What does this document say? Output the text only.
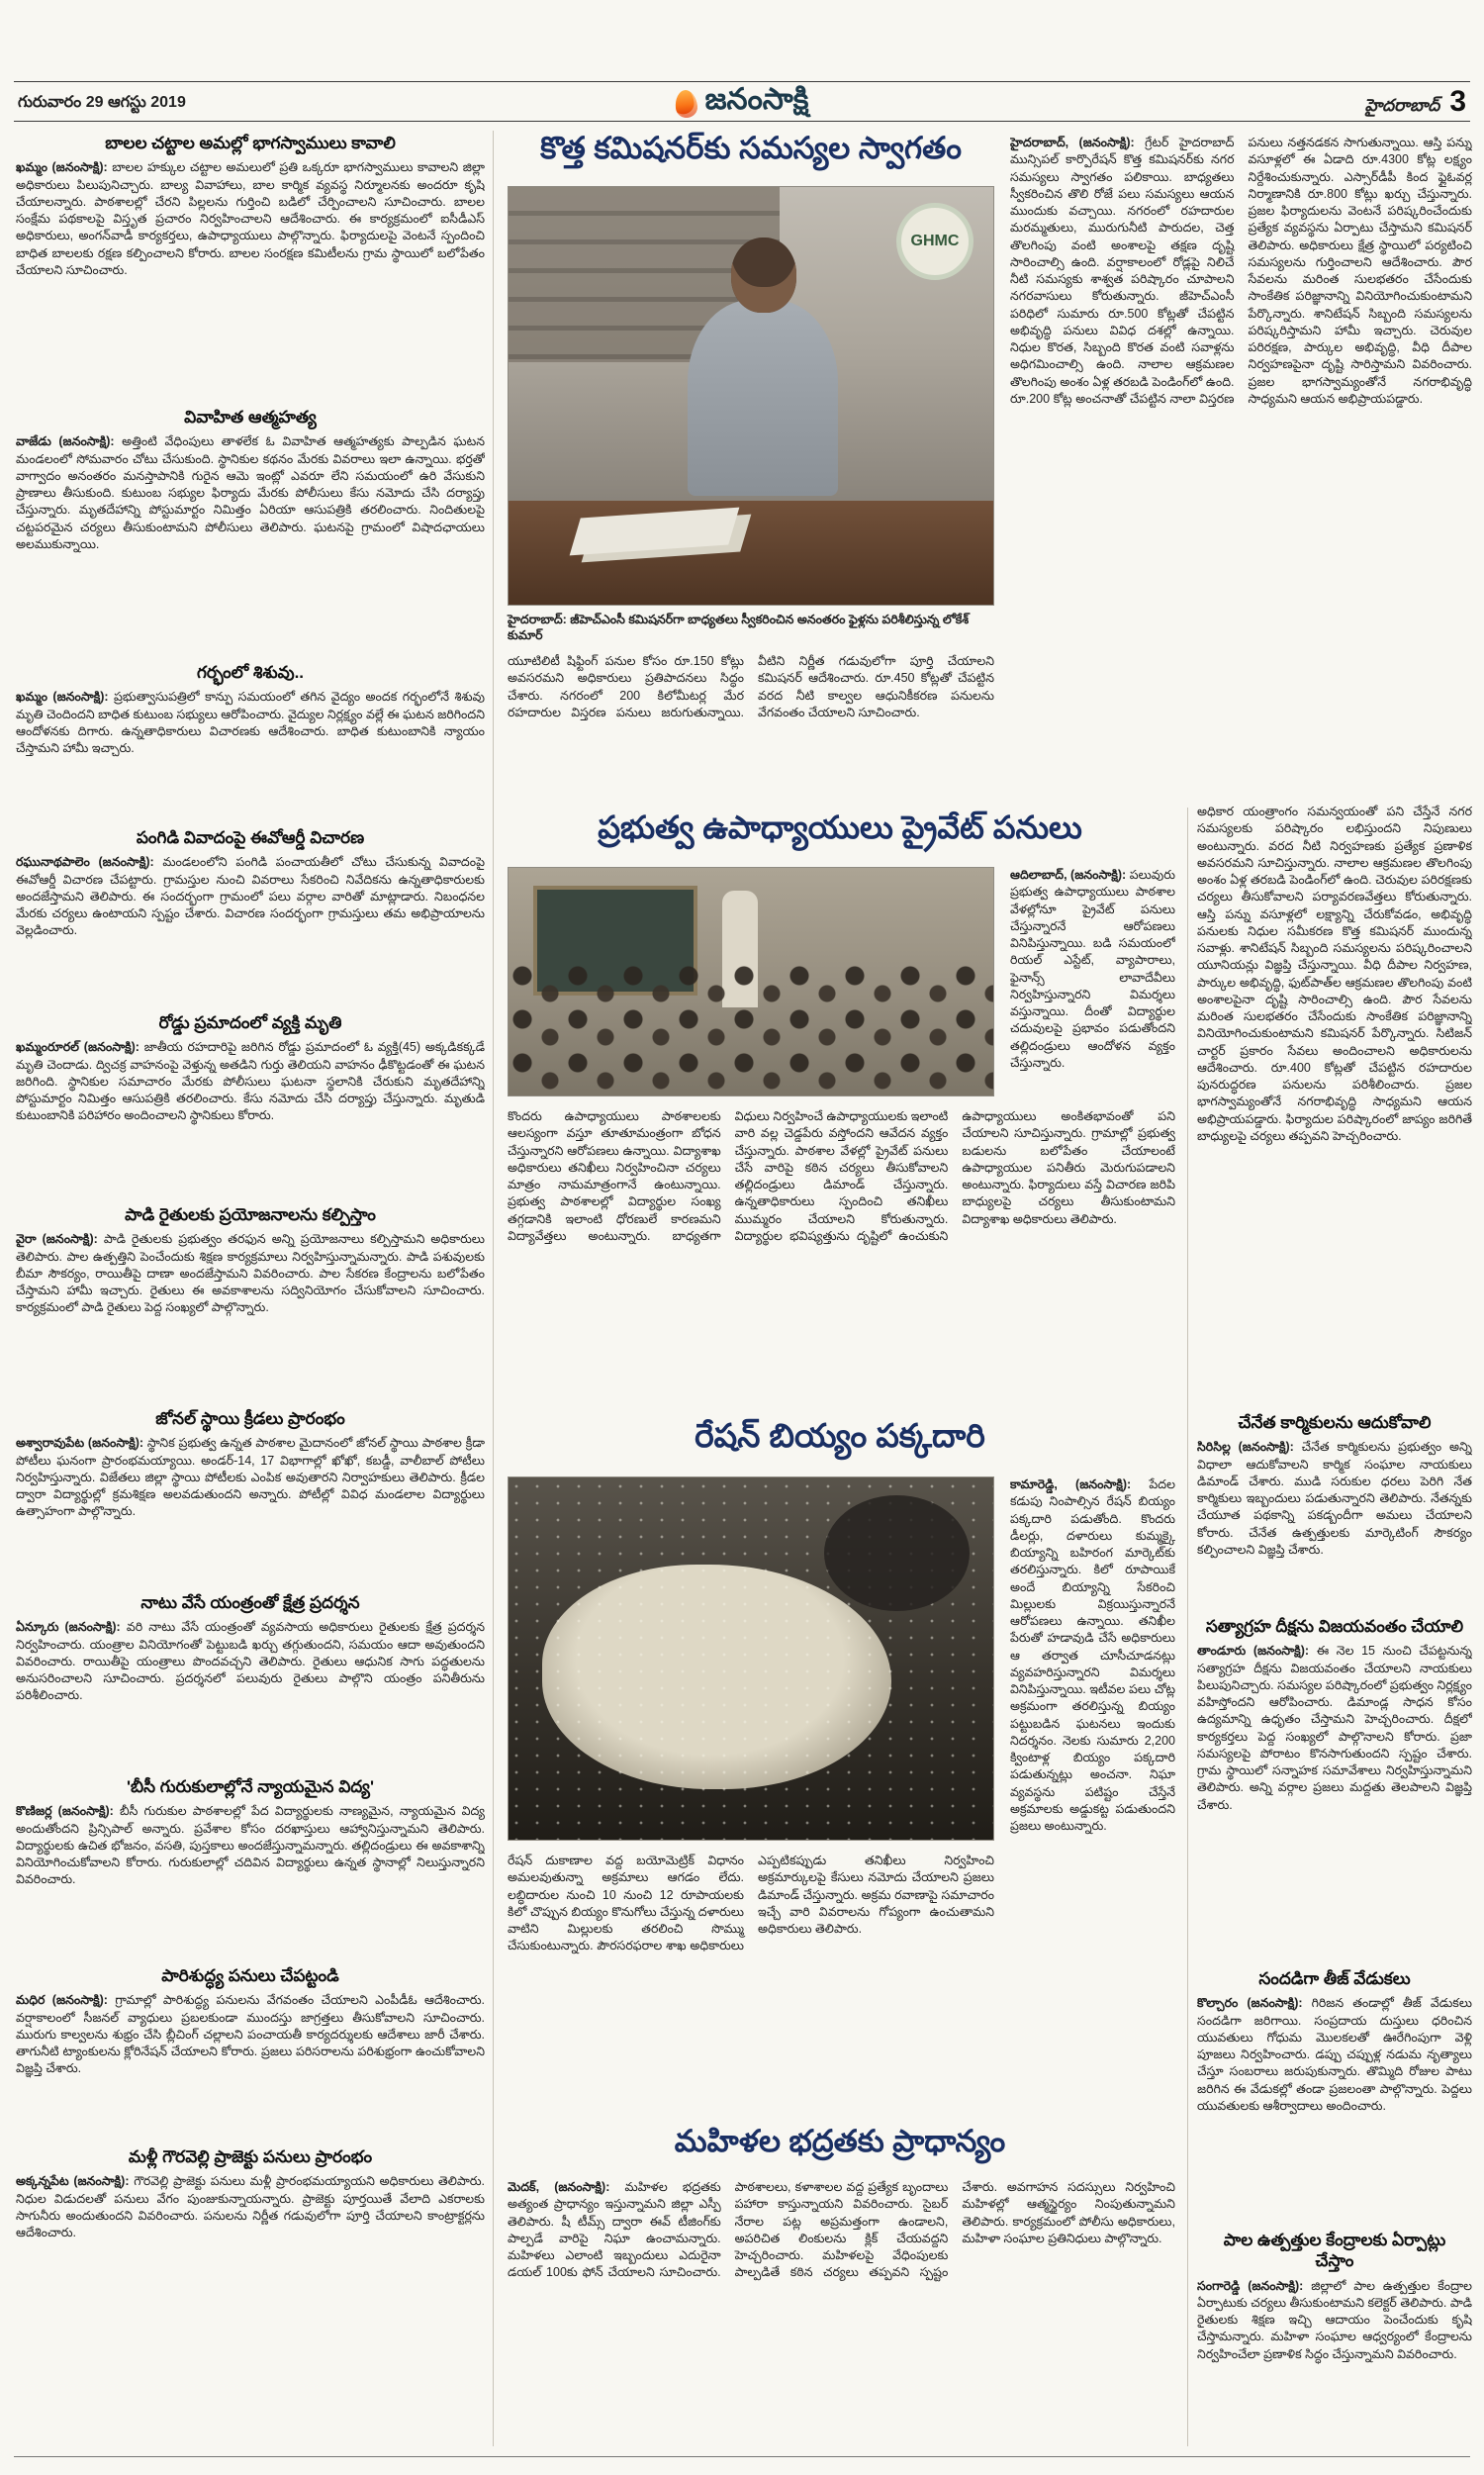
గురువారం 29 ఆగస్టు 2019	జనంసాక్షి	హైదరాబాద్ 3
బాలల చట్టాల అమల్లో భాగస్వాములు కావాలి

ఖమ్మం (జనంసాక్షి): బాలల హక్కుల చట్టాల అమలులో ప్రతి ఒక్కరూ భాగస్వాములు కావాలని జిల్లా అధికారులు పిలుపునిచ్చారు. బాల్య వివాహాలు, బాల కార్మిక వ్యవస్థ నిర్మూలనకు అందరూ కృషి చేయాలన్నారు. పాఠశాలల్లో చేరని పిల్లలను గుర్తించి బడిలో చేర్పించాలని సూచించారు. బాలల సంక్షేమ పథకాలపై విస్తృత ప్రచారం నిర్వహించాలని ఆదేశించారు. ఈ కార్యక్రమంలో ఐసీడీఎస్ అధికారులు, అంగన్‌వాడీ కార్యకర్తలు, ఉపాధ్యాయులు పాల్గొన్నారు. ఫిర్యాదులపై వెంటనే స్పందించి బాధిత బాలలకు రక్షణ కల్పించాలని కోరారు. బాలల సంరక్షణ కమిటీలను గ్రామ స్థాయిలో బలోపేతం చేయాలని సూచించారు.

వివాహిత ఆత్మహత్య

వాజేడు (జనంసాక్షి): అత్తింటి వేధింపులు తాళలేక ఓ వివాహిత ఆత్మహత్యకు పాల్పడిన ఘటన మండలంలో సోమవారం చోటు చేసుకుంది. స్థానికుల కథనం మేరకు వివరాలు ఇలా ఉన్నాయి. భర్తతో వాగ్వాదం అనంతరం మనస్తాపానికి గురైన ఆమె ఇంట్లో ఎవరూ లేని సమయంలో ఉరి వేసుకుని ప్రాణాలు తీసుకుంది. కుటుంబ సభ్యుల ఫిర్యాదు మేరకు పోలీసులు కేసు నమోదు చేసి దర్యాప్తు చేస్తున్నారు. మృతదేహాన్ని పోస్టుమార్టం నిమిత్తం ఏరియా ఆసుపత్రికి తరలించారు. నిందితులపై చట్టపరమైన చర్యలు తీసుకుంటామని పోలీసులు తెలిపారు. ఘటనపై గ్రామంలో విషాదఛాయలు అలముకున్నాయి.

గర్భంలో శిశువు..

ఖమ్మం (జనంసాక్షి): ప్రభుత్వాసుపత్రిలో కాన్పు సమయంలో తగిన వైద్యం అందక గర్భంలోనే శిశువు మృతి చెందిందని బాధిత కుటుంబ సభ్యులు ఆరోపించారు. వైద్యుల నిర్లక్ష్యం వల్లే ఈ ఘటన జరిగిందని ఆందోళనకు దిగారు. ఉన్నతాధికారులు విచారణకు ఆదేశించారు. బాధిత కుటుంబానికి న్యాయం చేస్తామని హామీ ఇచ్చారు.

పంగిడి వివాదంపై ఈవోఆర్డీ విచారణ

రఘునాథపాలెం (జనంసాక్షి): మండలంలోని పంగిడి పంచాయతీలో చోటు చేసుకున్న వివాదంపై ఈవోఆర్డీ విచారణ చేపట్టారు. గ్రామస్తుల నుంచి వివరాలు సేకరించి నివేదికను ఉన్నతాధికారులకు అందజేస్తామని తెలిపారు. ఈ సందర్భంగా గ్రామంలో పలు వర్గాల వారితో మాట్లాడారు. నిబంధనల మేరకు చర్యలు ఉంటాయని స్పష్టం చేశారు. విచారణ సందర్భంగా గ్రామస్తులు తమ అభిప్రాయాలను వెల్లడించారు.

రోడ్డు ప్రమాదంలో వ్యక్తి మృతి

ఖమ్మంరూరల్ (జనంసాక్షి): జాతీయ రహదారిపై జరిగిన రోడ్డు ప్రమాదంలో ఓ వ్యక్తి(45) అక్కడికక్కడే మృతి చెందాడు. ద్విచక్ర వాహనంపై వెళ్తున్న అతడిని గుర్తు తెలియని వాహనం ఢీకొట్టడంతో ఈ ఘటన జరిగింది. స్థానికుల సమాచారం మేరకు పోలీసులు ఘటనా స్థలానికి చేరుకుని మృతదేహాన్ని పోస్టుమార్టం నిమిత్తం ఆసుపత్రికి తరలించారు. కేసు నమోదు చేసి దర్యాప్తు చేస్తున్నారు. మృతుడి కుటుంబానికి పరిహారం అందించాలని స్థానికులు కోరారు.

పాడి రైతులకు ప్రయోజనాలను కల్పిస్తాం

వైరా (జనంసాక్షి): పాడి రైతులకు ప్రభుత్వం తరఫున అన్ని ప్రయోజనాలు కల్పిస్తామని అధికారులు తెలిపారు. పాల ఉత్పత్తిని పెంచేందుకు శిక్షణ కార్యక్రమాలు నిర్వహిస్తున్నామన్నారు. పాడి పశువులకు బీమా సౌకర్యం, రాయితీపై దాణా అందజేస్తామని వివరించారు. పాల సేకరణ కేంద్రాలను బలోపేతం చేస్తామని హామీ ఇచ్చారు. రైతులు ఈ అవకాశాలను సద్వినియోగం చేసుకోవాలని సూచించారు. కార్యక్రమంలో పాడి రైతులు పెద్ద సంఖ్యలో పాల్గొన్నారు.

జోనల్ స్థాయి క్రీడలు ప్రారంభం

అశ్వారావుపేట (జనంసాక్షి): స్థానిక ప్రభుత్వ ఉన్నత పాఠశాల మైదానంలో జోనల్ స్థాయి పాఠశాల క్రీడా పోటీలు ఘనంగా ప్రారంభమయ్యాయి. అండర్-14, 17 విభాగాల్లో ఖోఖో, కబడ్డీ, వాలీబాల్ పోటీలు నిర్వహిస్తున్నారు. విజేతలు జిల్లా స్థాయి పోటీలకు ఎంపిక అవుతారని నిర్వాహకులు తెలిపారు. క్రీడల ద్వారా విద్యార్థుల్లో క్రమశిక్షణ అలవడుతుందని అన్నారు. పోటీల్లో వివిధ మండలాల విద్యార్థులు ఉత్సాహంగా పాల్గొన్నారు.

నాటు వేసే యంత్రంతో క్షేత్ర ప్రదర్శన

ఏన్కూరు (జనంసాక్షి): వరి నాటు వేసే యంత్రంతో వ్యవసాయ అధికారులు రైతులకు క్షేత్ర ప్రదర్శన నిర్వహించారు. యంత్రాల వినియోగంతో పెట్టుబడి ఖర్చు తగ్గుతుందని, సమయం ఆదా అవుతుందని వివరించారు. రాయితీపై యంత్రాలు పొందవచ్చని తెలిపారు. రైతులు ఆధునిక సాగు పద్ధతులను అనుసరించాలని సూచించారు. ప్రదర్శనలో పలువురు రైతులు పాల్గొని యంత్రం పనితీరును పరిశీలించారు.

'బీసీ గురుకులాల్లోనే న్యాయమైన విద్య'

కొణిజర్ల (జనంసాక్షి): బీసీ గురుకుల పాఠశాలల్లో పేద విద్యార్థులకు నాణ్యమైన, న్యాయమైన విద్య అందుతోందని ప్రిన్సిపాల్ అన్నారు. ప్రవేశాల కోసం దరఖాస్తులు ఆహ్వానిస్తున్నామని తెలిపారు. విద్యార్థులకు ఉచిత భోజనం, వసతి, పుస్తకాలు అందజేస్తున్నామన్నారు. తల్లిదండ్రులు ఈ అవకాశాన్ని వినియోగించుకోవాలని కోరారు. గురుకులాల్లో చదివిన విద్యార్థులు ఉన్నత స్థానాల్లో నిలుస్తున్నారని వివరించారు.

పారిశుద్ధ్య పనులు చేపట్టండి

మధిర (జనంసాక్షి): గ్రామాల్లో పారిశుద్ధ్య పనులను వేగవంతం చేయాలని ఎంపీడీఓ ఆదేశించారు. వర్షాకాలంలో సీజనల్ వ్యాధులు ప్రబలకుండా ముందస్తు జాగ్రత్తలు తీసుకోవాలని సూచించారు. మురుగు కాల్వలను శుభ్రం చేసి బ్లీచింగ్ చల్లాలని పంచాయతీ కార్యదర్శులకు ఆదేశాలు జారీ చేశారు. తాగునీటి ట్యాంకులను క్లోరినేషన్ చేయాలని కోరారు. ప్రజలు పరిసరాలను పరిశుభ్రంగా ఉంచుకోవాలని విజ్ఞప్తి చేశారు.

మళ్లీ గౌరవెల్లి ప్రాజెక్టు పనులు ప్రారంభం

అక్కన్నపేట (జనంసాక్షి): గౌరవెల్లి ప్రాజెక్టు పనులు మళ్లీ ప్రారంభమయ్యాయని అధికారులు తెలిపారు. నిధుల విడుదలతో పనులు వేగం పుంజుకున్నాయన్నారు. ప్రాజెక్టు పూర్తయితే వేలాది ఎకరాలకు సాగునీరు అందుతుందని వివరించారు. పనులను నిర్ణీత గడువులోగా పూర్తి చేయాలని కాంట్రాక్టర్లను ఆదేశించారు.

కొత్త కమిషనర్‌కు సమస్యల స్వాగతం
GHMC

హైదరాబాద్: జీహెచ్ఎంసీ కమిషనర్‌గా బాధ్యతలు స్వీకరించిన అనంతరం ఫైళ్లను పరిశీలిస్తున్న లోకేశ్ కుమార్

యూటిలిటీ షిఫ్టింగ్ పనుల కోసం రూ.150 కోట్లు అవసరమని అధికారులు ప్రతిపాదనలు సిద్ధం చేశారు. నగరంలో 200 కిలోమీటర్ల మేర రహదారుల విస్తరణ పనులు జరుగుతున్నాయి. వీటిని నిర్ణీత గడువులోగా పూర్తి చేయాలని కమిషనర్ ఆదేశించారు. రూ.450 కోట్లతో చేపట్టిన వరద నీటి కాల్వల ఆధునికీకరణ పనులను వేగవంతం చేయాలని సూచించారు.

హైదరాబాద్, (జనంసాక్షి): గ్రేటర్ హైదరాబాద్ మున్సిపల్ కార్పొరేషన్ కొత్త కమిషనర్‌కు నగర సమస్యలు స్వాగతం పలికాయి. బాధ్యతలు స్వీకరించిన తొలి రోజే పలు సమస్యలు ఆయన ముందుకు వచ్చాయి. నగరంలో రహదారుల మరమ్మతులు, మురుగునీటి పారుదల, చెత్త తొలగింపు వంటి అంశాలపై తక్షణ దృష్టి సారించాల్సి ఉంది. వర్షాకాలంలో రోడ్లపై నిలిచే నీటి సమస్యకు శాశ్వత పరిష్కారం చూపాలని నగరవాసులు కోరుతున్నారు. జీహెచ్ఎంసీ పరిధిలో సుమారు రూ.500 కోట్లతో చేపట్టిన అభివృద్ధి పనులు వివిధ దశల్లో ఉన్నాయి. నిధుల కొరత, సిబ్బంది కొరత వంటి సవాళ్లను అధిగమించాల్సి ఉంది. నాలాల ఆక్రమణల తొలగింపు అంశం ఏళ్ల తరబడి పెండింగ్‌లో ఉంది. రూ.200 కోట్ల అంచనాతో చేపట్టిన నాలా విస్తరణ పనులు నత్తనడకన సాగుతున్నాయి. ఆస్తి పన్ను వసూళ్లలో ఈ ఏడాది రూ.4300 కోట్ల లక్ష్యం నిర్దేశించుకున్నారు. ఎస్సార్‌డీపీ కింద ఫ్లైఓవర్ల నిర్మాణానికి రూ.800 కోట్లు ఖర్చు చేస్తున్నారు. ప్రజల ఫిర్యాదులను వెంటనే పరిష్కరించేందుకు ప్రత్యేక వ్యవస్థను ఏర్పాటు చేస్తామని కమిషనర్ తెలిపారు. అధికారులు క్షేత్ర స్థాయిలో పర్యటించి సమస్యలను గుర్తించాలని ఆదేశించారు. పౌర సేవలను మరింత సులభతరం చేసేందుకు సాంకేతిక పరిజ్ఞానాన్ని వినియోగించుకుంటామని పేర్కొన్నారు. శానిటేషన్ సిబ్బంది సమస్యలను పరిష్కరిస్తామని హామీ ఇచ్చారు. చెరువుల పరిరక్షణ, పార్కుల అభివృద్ధి, వీధి దీపాల నిర్వహణపైనా దృష్టి సారిస్తామని వివరించారు. ప్రజల భాగస్వామ్యంతోనే నగరాభివృద్ధి సాధ్యమని ఆయన అభిప్రాయపడ్డారు.

ప్రభుత్వ ఉపాధ్యాయులు ప్రైవేట్ పనులు

ఆదిలాబాద్, (జనంసాక్షి): పలువురు ప్రభుత్వ ఉపాధ్యాయులు పాఠశాల వేళల్లోనూ ప్రైవేట్ పనులు చేస్తున్నారనే ఆరోపణలు వినిపిస్తున్నాయి. బడి సమయంలో రియల్ ఎస్టేట్, వ్యాపారాలు, ఫైనాన్స్ లావాదేవీలు నిర్వహిస్తున్నారని విమర్శలు వస్తున్నాయి. దీంతో విద్యార్థుల చదువులపై ప్రభావం పడుతోందని తల్లిదండ్రులు ఆందోళన వ్యక్తం చేస్తున్నారు.

కొందరు ఉపాధ్యాయులు పాఠశాలలకు ఆలస్యంగా వస్తూ తూతూమంత్రంగా బోధన చేస్తున్నారని ఆరోపణలు ఉన్నాయి. విద్యాశాఖ అధికారులు తనిఖీలు నిర్వహించినా చర్యలు మాత్రం నామమాత్రంగానే ఉంటున్నాయి. ప్రభుత్వ పాఠశాలల్లో విద్యార్థుల సంఖ్య తగ్గడానికి ఇలాంటి ధోరణులే కారణమని విద్యావేత్తలు అంటున్నారు. బాధ్యతగా విధులు నిర్వహించే ఉపాధ్యాయులకు ఇలాంటి వారి వల్ల చెడ్డపేరు వస్తోందని ఆవేదన వ్యక్తం చేస్తున్నారు. పాఠశాల వేళల్లో ప్రైవేట్ పనులు చేసే వారిపై కఠిన చర్యలు తీసుకోవాలని తల్లిదండ్రులు డిమాండ్ చేస్తున్నారు. ఉన్నతాధికారులు స్పందించి తనిఖీలు ముమ్మరం చేయాలని కోరుతున్నారు. విద్యార్థుల భవిష్యత్తును దృష్టిలో ఉంచుకుని ఉపాధ్యాయులు అంకితభావంతో పని చేయాలని సూచిస్తున్నారు. గ్రామాల్లో ప్రభుత్వ బడులను బలోపేతం చేయాలంటే ఉపాధ్యాయుల పనితీరు మెరుగుపడాలని అంటున్నారు. ఫిర్యాదులు వస్తే విచారణ జరిపి బాధ్యులపై చర్యలు తీసుకుంటామని విద్యాశాఖ అధికారులు తెలిపారు.

రేషన్ బియ్యం పక్కదారి

కామారెడ్డి, (జనంసాక్షి): పేదల కడుపు నింపాల్సిన రేషన్ బియ్యం పక్కదారి పడుతోంది. కొందరు డీలర్లు, దళారులు కుమ్మక్కై బియ్యాన్ని బహిరంగ మార్కెట్‌కు తరలిస్తున్నారు. కిలో రూపాయికే అందే బియ్యాన్ని సేకరించి మిల్లులకు విక్రయిస్తున్నారనే ఆరోపణలు ఉన్నాయి. తనిఖీల పేరుతో హడావుడి చేసే అధికారులు ఆ తర్వాత చూసీచూడనట్లు వ్యవహరిస్తున్నారని విమర్శలు వినిపిస్తున్నాయి. ఇటీవల పలు చోట్ల అక్రమంగా తరలిస్తున్న బియ్యం పట్టుబడిన ఘటనలు ఇందుకు నిదర్శనం. నెలకు సుమారు 2,200 క్వింటాళ్ల బియ్యం పక్కదారి పడుతున్నట్లు అంచనా. నిఘా వ్యవస్థను పటిష్టం చేస్తేనే అక్రమాలకు అడ్డుకట్ట పడుతుందని ప్రజలు అంటున్నారు.

రేషన్ దుకాణాల వద్ద బయోమెట్రిక్ విధానం అమలవుతున్నా అక్రమాలు ఆగడం లేదు. లబ్ధిదారుల నుంచి 10 నుంచి 12 రూపాయలకు కిలో చొప్పున బియ్యం కొనుగోలు చేస్తున్న దళారులు వాటిని మిల్లులకు తరలించి సొమ్ము చేసుకుంటున్నారు. పౌరసరఫరాల శాఖ అధికారులు ఎప్పటికప్పుడు తనిఖీలు నిర్వహించి అక్రమార్కులపై కేసులు నమోదు చేయాలని ప్రజలు డిమాండ్ చేస్తున్నారు. అక్రమ రవాణాపై సమాచారం ఇచ్చే వారి వివరాలను గోప్యంగా ఉంచుతామని అధికారులు తెలిపారు.

మహిళల భద్రతకు ప్రాధాన్యం

మెదక్, (జనంసాక్షి): మహిళల భద్రతకు అత్యంత ప్రాధాన్యం ఇస్తున్నామని జిల్లా ఎస్పీ తెలిపారు. షీ టీమ్స్ ద్వారా ఈవ్ టీజింగ్‌కు పాల్పడే వారిపై నిఘా ఉంచామన్నారు. మహిళలు ఎలాంటి ఇబ్బందులు ఎదురైనా డయల్ 100కు ఫోన్ చేయాలని సూచించారు. పాఠశాలలు, కళాశాలల వద్ద ప్రత్యేక బృందాలు పహారా కాస్తున్నాయని వివరించారు. సైబర్ నేరాల పట్ల అప్రమత్తంగా ఉండాలని, అపరిచిత లింకులను క్లిక్ చేయవద్దని హెచ్చరించారు. మహిళలపై వేధింపులకు పాల్పడితే కఠిన చర్యలు తప్పవని స్పష్టం చేశారు. అవగాహన సదస్సులు నిర్వహించి మహిళల్లో ఆత్మస్థైర్యం నింపుతున్నామని తెలిపారు. కార్యక్రమంలో పోలీసు అధికారులు, మహిళా సంఘాల ప్రతినిధులు పాల్గొన్నారు.

అధికార యంత్రాంగం సమన్వయంతో పని చేస్తేనే నగర సమస్యలకు పరిష్కారం లభిస్తుందని నిపుణులు అంటున్నారు. వరద నీటి నిర్వహణకు ప్రత్యేక ప్రణాళిక అవసరమని సూచిస్తున్నారు. నాలాల ఆక్రమణల తొలగింపు అంశం ఏళ్ల తరబడి పెండింగ్‌లో ఉంది. చెరువుల పరిరక్షణకు చర్యలు తీసుకోవాలని పర్యావరణవేత్తలు కోరుతున్నారు. ఆస్తి పన్ను వసూళ్లలో లక్ష్యాన్ని చేరుకోవడం, అభివృద్ధి పనులకు నిధుల సమీకరణ కొత్త కమిషనర్ ముందున్న సవాళ్లు. శానిటేషన్ సిబ్బంది సమస్యలను పరిష్కరించాలని యూనియన్లు విజ్ఞప్తి చేస్తున్నాయి. వీధి దీపాల నిర్వహణ, పార్కుల అభివృద్ధి, ఫుట్‌పాత్‌ల ఆక్రమణల తొలగింపు వంటి అంశాలపైనా దృష్టి సారించాల్సి ఉంది. పౌర సేవలను మరింత సులభతరం చేసేందుకు సాంకేతిక పరిజ్ఞానాన్ని వినియోగించుకుంటామని కమిషనర్ పేర్కొన్నారు. సిటిజన్ చార్టర్ ప్రకారం సేవలు అందించాలని అధికారులను ఆదేశించారు. రూ.400 కోట్లతో చేపట్టిన రహదారుల పునరుద్ధరణ పనులను పరిశీలించారు. ప్రజల భాగస్వామ్యంతోనే నగరాభివృద్ధి సాధ్యమని ఆయన అభిప్రాయపడ్డారు. ఫిర్యాదుల పరిష్కారంలో జాప్యం జరిగితే బాధ్యులపై చర్యలు తప్పవని హెచ్చరించారు.

చేనేత కార్మికులను ఆదుకోవాలి

సిరిసిల్ల (జనంసాక్షి): చేనేత కార్మికులను ప్రభుత్వం అన్ని విధాలా ఆదుకోవాలని కార్మిక సంఘాల నాయకులు డిమాండ్ చేశారు. ముడి సరుకుల ధరలు పెరిగి నేత కార్మికులు ఇబ్బందులు పడుతున్నారని తెలిపారు. నేతన్నకు చేయూత పథకాన్ని పకడ్బందీగా అమలు చేయాలని కోరారు. చేనేత ఉత్పత్తులకు మార్కెటింగ్ సౌకర్యం కల్పించాలని విజ్ఞప్తి చేశారు.

సత్యాగ్రహ దీక్షను విజయవంతం చేయాలి

తాండూరు (జనంసాక్షి): ఈ నెల 15 నుంచి చేపట్టనున్న సత్యాగ్రహ దీక్షను విజయవంతం చేయాలని నాయకులు పిలుపునిచ్చారు. సమస్యల పరిష్కారంలో ప్రభుత్వం నిర్లక్ష్యం వహిస్తోందని ఆరోపించారు. డిమాండ్ల సాధన కోసం ఉద్యమాన్ని ఉధృతం చేస్తామని హెచ్చరించారు. దీక్షలో కార్యకర్తలు పెద్ద సంఖ్యలో పాల్గొనాలని కోరారు. ప్రజా సమస్యలపై పోరాటం కొనసాగుతుందని స్పష్టం చేశారు. గ్రామ స్థాయిలో సన్నాహక సమావేశాలు నిర్వహిస్తున్నామని తెలిపారు. అన్ని వర్గాల ప్రజలు మద్దతు తెలపాలని విజ్ఞప్తి చేశారు.

సందడిగా తీజ్ వేడుకలు

కొల్చారం (జనంసాక్షి): గిరిజన తండాల్లో తీజ్ వేడుకలు సందడిగా జరిగాయి. సంప్రదాయ దుస్తులు ధరించిన యువతులు గోధుమ మొలకలతో ఊరేగింపుగా వెళ్లి పూజలు నిర్వహించారు. డప్పు చప్పుళ్ల నడుమ నృత్యాలు చేస్తూ సంబరాలు జరుపుకున్నారు. తొమ్మిది రోజుల పాటు జరిగిన ఈ వేడుకల్లో తండా ప్రజలంతా పాల్గొన్నారు. పెద్దలు యువతులకు ఆశీర్వాదాలు అందించారు.

పాల ఉత్పత్తుల కేంద్రాలకు ఏర్పాట్లు చేస్తాం

సంగారెడ్డి (జనంసాక్షి): జిల్లాలో పాల ఉత్పత్తుల కేంద్రాల ఏర్పాటుకు చర్యలు తీసుకుంటామని కలెక్టర్ తెలిపారు. పాడి రైతులకు శిక్షణ ఇచ్చి ఆదాయం పెంచేందుకు కృషి చేస్తామన్నారు. మహిళా సంఘాల ఆధ్వర్యంలో కేంద్రాలను నిర్వహించేలా ప్రణాళిక సిద్ధం చేస్తున్నామని వివరించారు.
